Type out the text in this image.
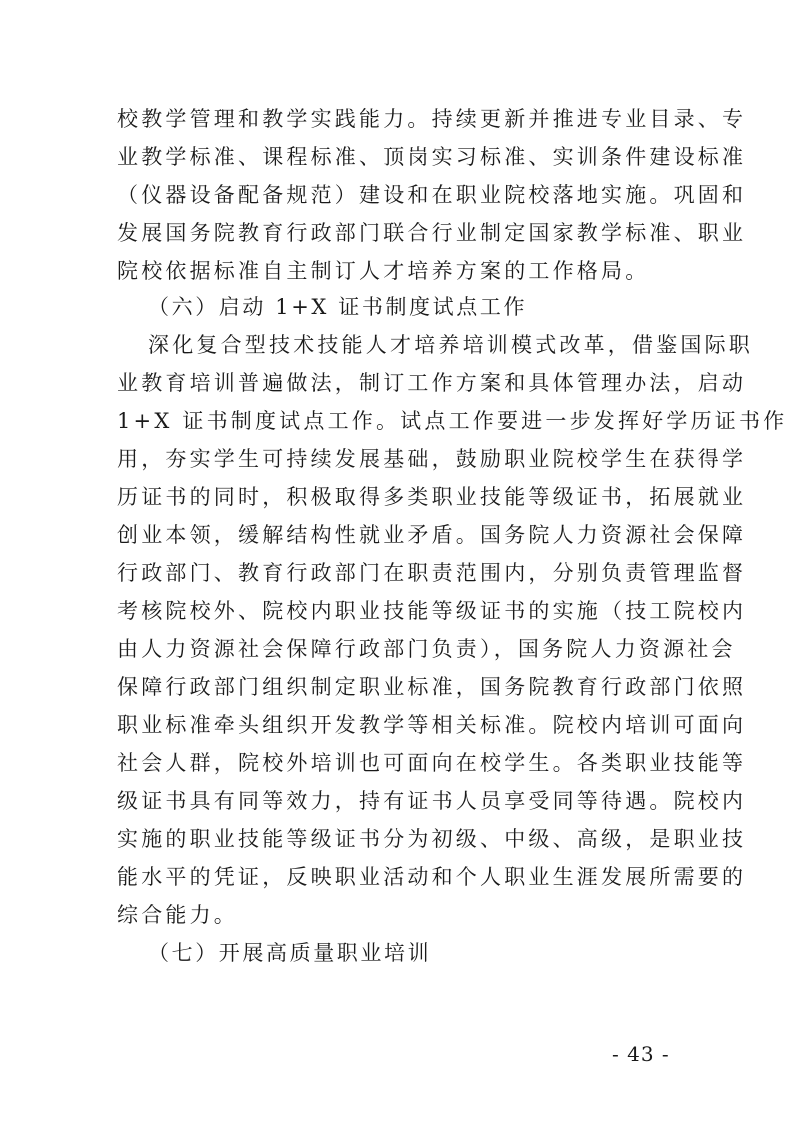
校教学管理和教学实践能力。持续更新并推进专业目录、专
业教学标准、课程标准、顶岗实习标准、实训条件建设标准
（仪器设备配备规范）建设和在职业院校落地实施。巩固和
发展国务院教育行政部门联合行业制定国家教学标准、职业
院校依据标准自主制订人才培养方案的工作格局。
（六）启动 1+X 证书制度试点工作
深化复合型技术技能人才培养培训模式改革，借鉴国际职
业教育培训普遍做法，制订工作方案和具体管理办法，启动
1+X 证书制度试点工作。试点工作要进一步发挥好学历证书作
用，夯实学生可持续发展基础，鼓励职业院校学生在获得学
历证书的同时，积极取得多类职业技能等级证书，拓展就业
创业本领，缓解结构性就业矛盾。国务院人力资源社会保障
行政部门、教育行政部门在职责范围内，分别负责管理监督
考核院校外、院校内职业技能等级证书的实施（技工院校内
由人力资源社会保障行政部门负责），国务院人力资源社会
保障行政部门组织制定职业标准，国务院教育行政部门依照
职业标准牵头组织开发教学等相关标准。院校内培训可面向
社会人群，院校外培训也可面向在校学生。各类职业技能等
级证书具有同等效力，持有证书人员享受同等待遇。院校内
实施的职业技能等级证书分为初级、中级、高级，是职业技
能水平的凭证，反映职业活动和个人职业生涯发展所需要的
综合能力。
（七）开展高质量职业培训
- 43 -
